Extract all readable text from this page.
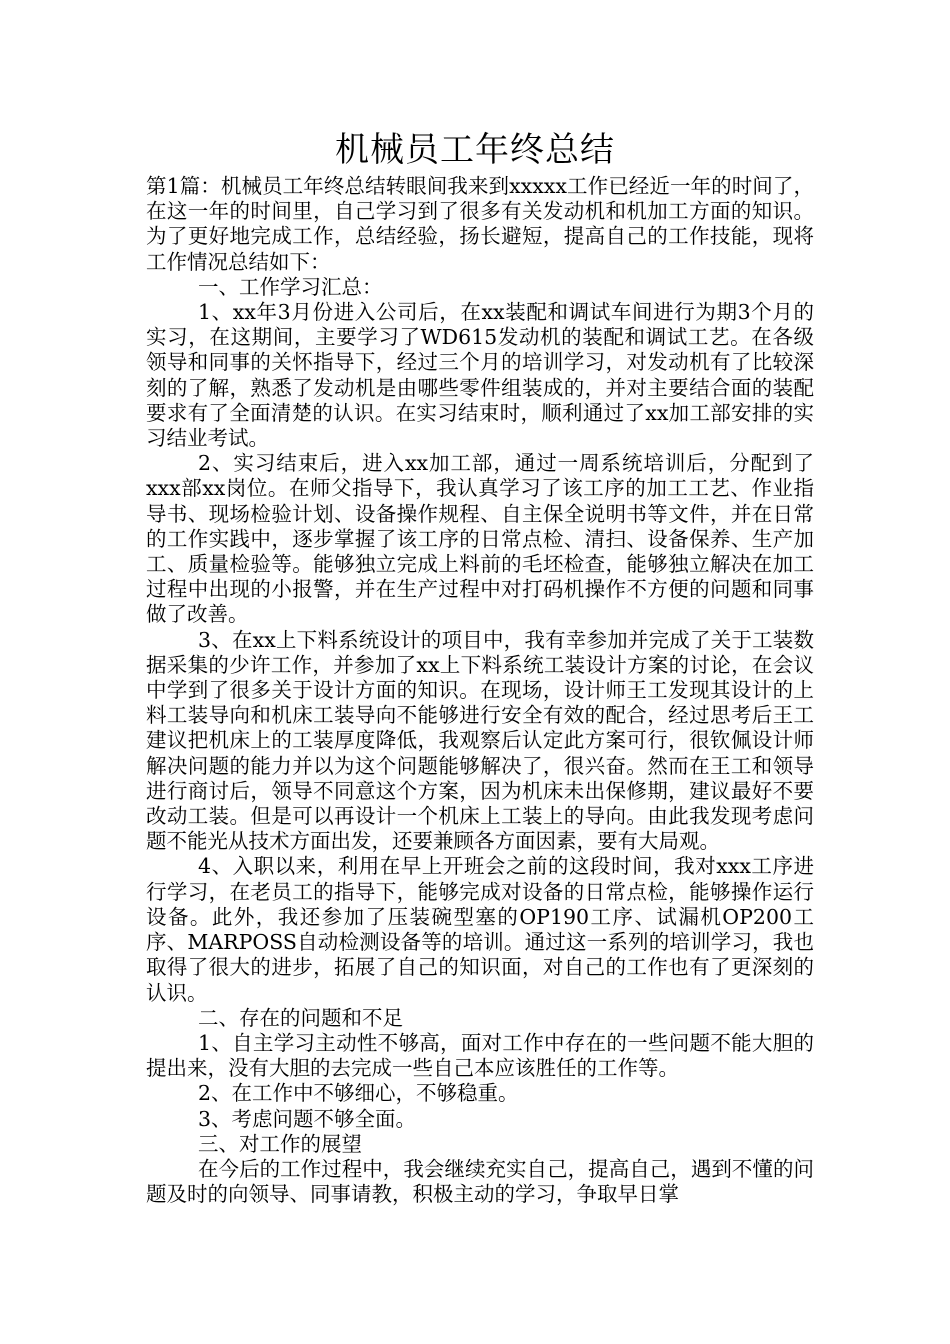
机械员工年终总结

第1篇：机械员工年终总结转眼间我来到xxxxx工作已经近一年的时间了，在这一年的时间里，自己学习到了很多有关发动机和机加工方面的知识。为了更好地完成工作，总结经验，扬长避短，提高自己的工作技能，现将工作情况总结如下：

一、工作学习汇总：

1、xx年3月份进入公司后，在xx装配和调试车间进行为期3个月的实习，在这期间，主要学习了WD615发动机的装配和调试工艺。在各级领导和同事的关怀指导下，经过三个月的培训学习，对发动机有了比较深刻的了解，熟悉了发动机是由哪些零件组装成的，并对主要结合面的装配要求有了全面清楚的认识。在实习结束时，顺利通过了xx加工部安排的实习结业考试。

2、实习结束后，进入xx加工部，通过一周系统培训后，分配到了xxx部xx岗位。在师父指导下，我认真学习了该工序的加工工艺、作业指导书、现场检验计划、设备操作规程、自主保全说明书等文件，并在日常的工作实践中，逐步掌握了该工序的日常点检、清扫、设备保养、生产加工、质量检验等。能够独立完成上料前的毛坯检查，能够独立解决在加工过程中出现的小报警，并在生产过程中对打码机操作不方便的问题和同事做了改善。

3、在xx上下料系统设计的项目中，我有幸参加并完成了关于工装数据采集的少许工作，并参加了xx上下料系统工装设计方案的讨论，在会议中学到了很多关于设计方面的知识。在现场，设计师王工发现其设计的上料工装导向和机床工装导向不能够进行安全有效的配合，经过思考后王工建议把机床上的工装厚度降低，我观察后认定此方案可行，很钦佩设计师解决问题的能力并以为这个问题能够解决了，很兴奋。然而在王工和领导进行商讨后，领导不同意这个方案，因为机床未出保修期，建议最好不要改动工装。但是可以再设计一个机床上工装上的导向。由此我发现考虑问题不能光从技术方面出发，还要兼顾各方面因素，要有大局观。

4、入职以来，利用在早上开班会之前的这段时间，我对xxx工序进行学习，在老员工的指导下，能够完成对设备的日常点检，能够操作运行设备。此外，我还参加了压装碗型塞的OP190工序、试漏机OP200工序、MARPOSS自动检测设备等的培训。通过这一系列的培训学习，我也取得了很大的进步，拓展了自己的知识面，对自己的工作也有了更深刻的认识。

二、存在的问题和不足

1、自主学习主动性不够高，面对工作中存在的一些问题不能大胆的提出来，没有大胆的去完成一些自己本应该胜任的工作等。

2、在工作中不够细心，不够稳重。

3、考虑问题不够全面。

三、对工作的展望

在今后的工作过程中，我会继续充实自己，提高自己，遇到不懂的问题及时的向领导、同事请教，积极主动的学习，争取早日掌
